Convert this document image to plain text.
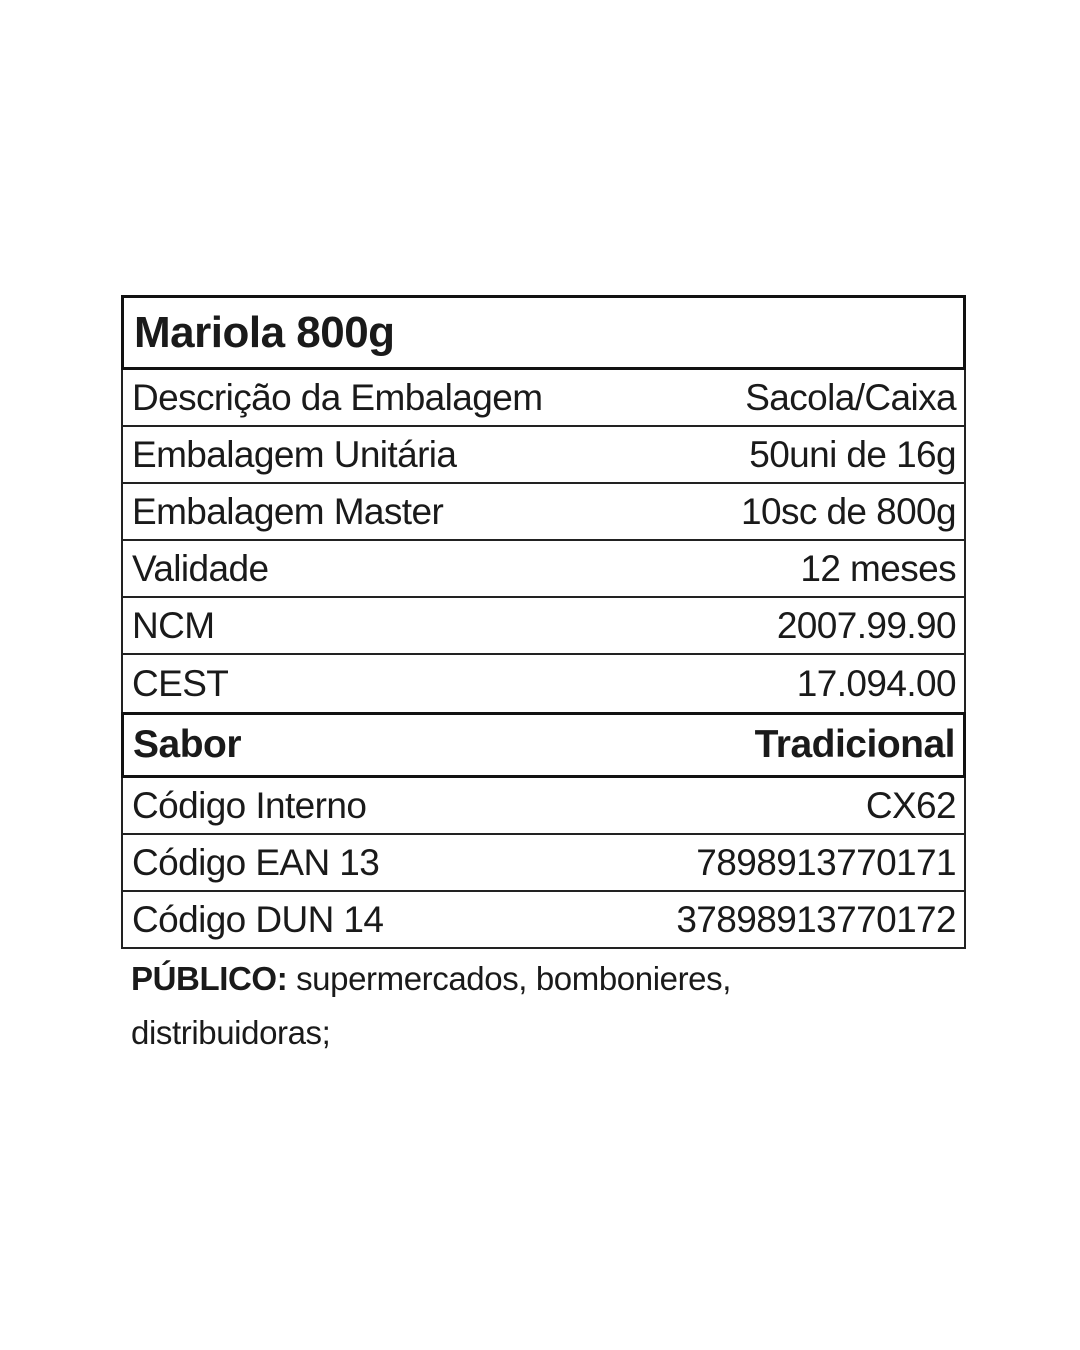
Mariola 800g
Descrição da Embalagem	Sacola/Caixa
Embalagem Unitária	50uni de 16g
Embalagem Master	10sc de 800g
Validade	12 meses
NCM	2007.99.90
CEST	17.094.00
Sabor	Tradicional
Código Interno	CX62
Código EAN 13	7898913770171
Código DUN 14	37898913770172
PÚBLICO: supermercados, bombonieres, distribuidoras;
